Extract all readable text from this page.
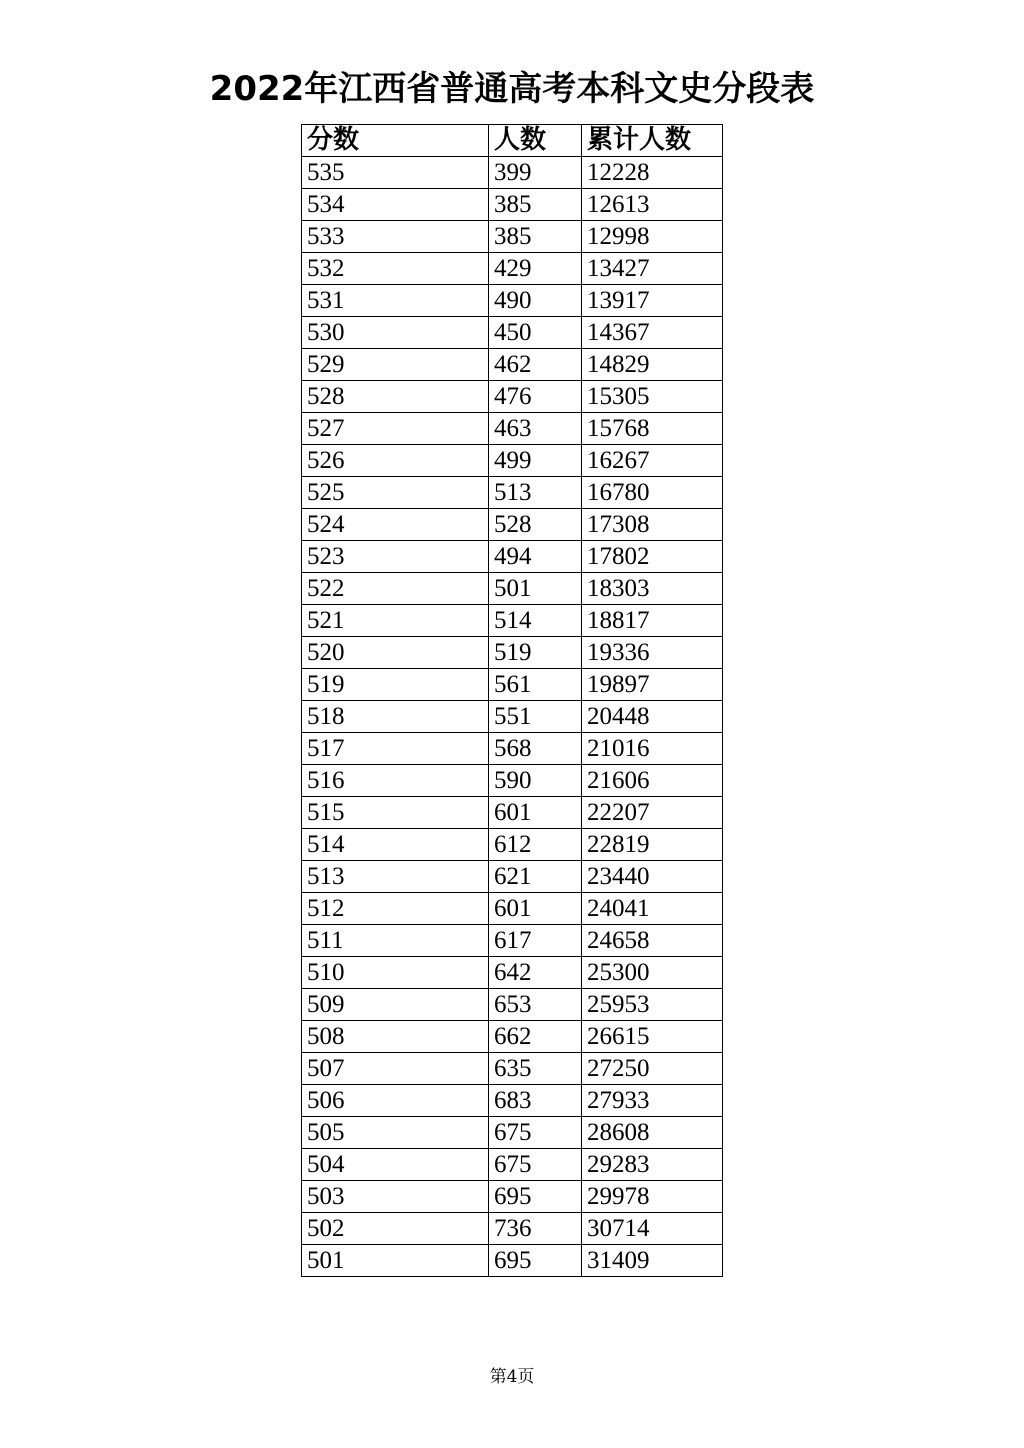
2022年江西省普通高考本科文史分段表
分数	人数	累计人数
535	399	12228
534	385	12613
533	385	12998
532	429	13427
531	490	13917
530	450	14367
529	462	14829
528	476	15305
527	463	15768
526	499	16267
525	513	16780
524	528	17308
523	494	17802
522	501	18303
521	514	18817
520	519	19336
519	561	19897
518	551	20448
517	568	21016
516	590	21606
515	601	22207
514	612	22819
513	621	23440
512	601	24041
511	617	24658
510	642	25300
509	653	25953
508	662	26615
507	635	27250
506	683	27933
505	675	28608
504	675	29283
503	695	29978
502	736	30714
501	695	31409
第4页
